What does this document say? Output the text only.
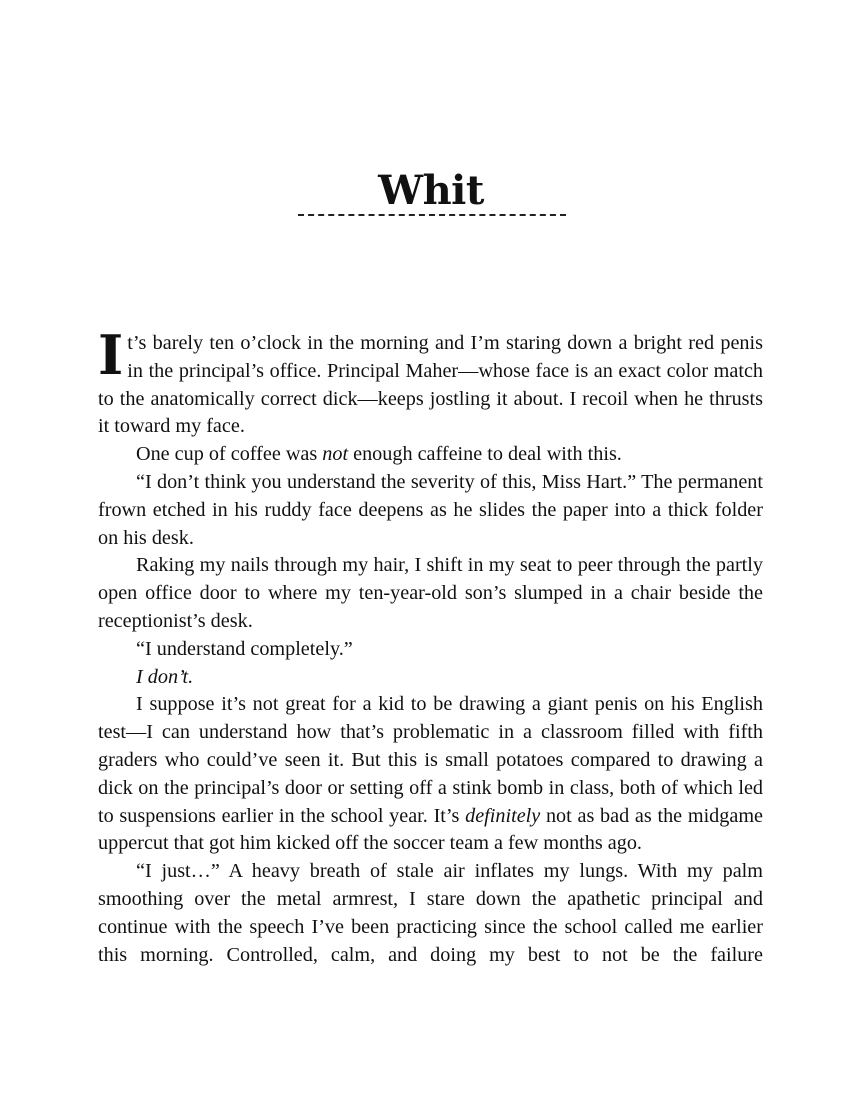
Whit

It’s barely ten o’clock in the morning and I’m staring down a bright red penis in the principal’s office. Principal Maher—whose face is an exact color match to the anatomically correct dick—keeps jostling it about. I recoil when he thrusts it toward my face.

One cup of coffee was not enough caffeine to deal with this.

“I don’t think you understand the severity of this, Miss Hart.” The permanent frown etched in his ruddy face deepens as he slides the paper into a thick folder on his desk.

Raking my nails through my hair, I shift in my seat to peer through the partly open office door to where my ten-year-old son’s slumped in a chair beside the receptionist’s desk.

“I understand completely.”

I don’t.

I suppose it’s not great for a kid to be drawing a giant penis on his English test—I can understand how that’s problematic in a classroom filled with fifth graders who could’ve seen it. But this is small potatoes compared to drawing a dick on the principal’s door or setting off a stink bomb in class, both of which led to suspensions earlier in the school year. It’s definitely not as bad as the midgame uppercut that got him kicked off the soccer team a few months ago.

“I just…” A heavy breath of stale air inflates my lungs. With my palm smoothing over the metal armrest, I stare down the apathetic principal and continue with the speech I’ve been practicing since the school called me earlier this morning. Controlled, calm, and doing my best to not be the failure
